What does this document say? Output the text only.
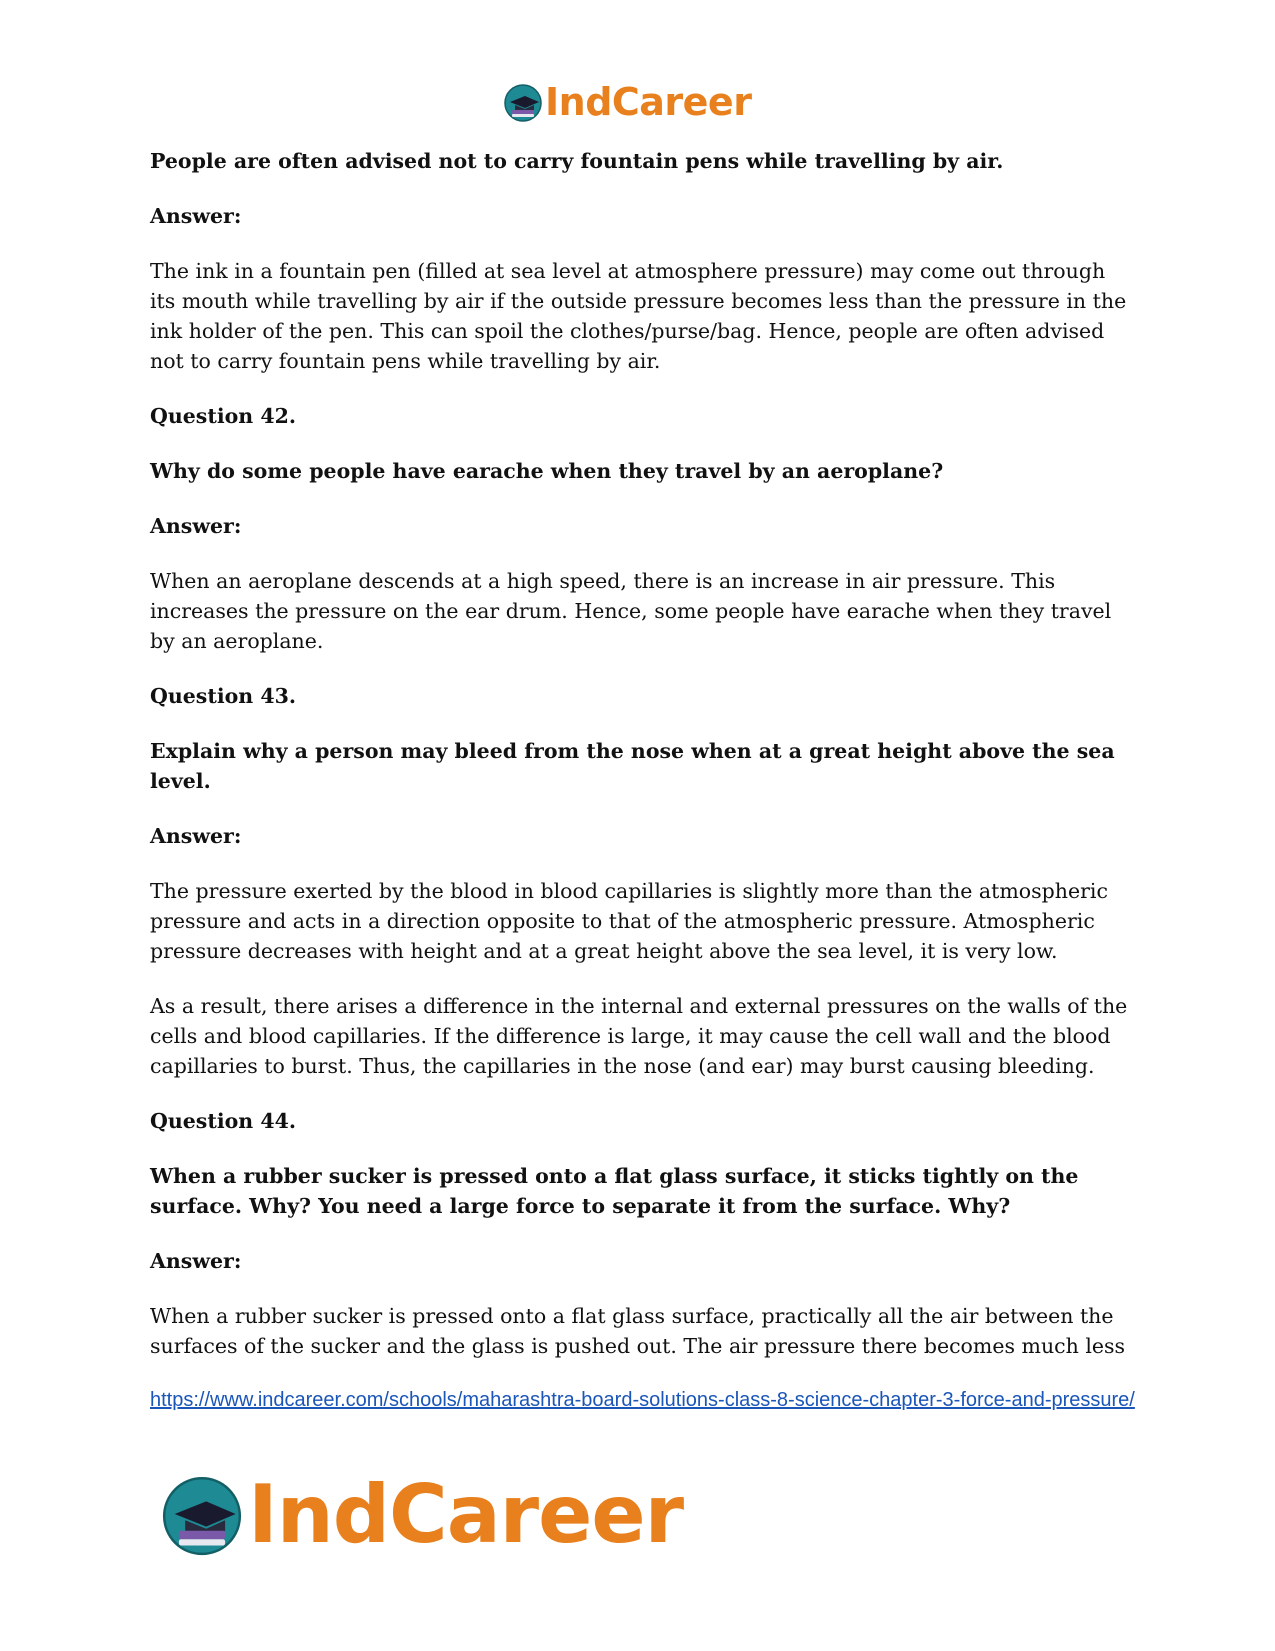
IndCareer

People are often advised not to carry fountain pens while travelling by air.

Answer:

The ink in a fountain pen (filled at sea level at atmosphere pressure) may come out through its mouth while travelling by air if the outside pressure becomes less than the pressure in the ink holder of the pen. This can spoil the clothes/purse/bag. Hence, people are often advised not to carry fountain pens while travelling by air.

Question 42.

Why do some people have earache when they travel by an aeroplane?

Answer:

When an aeroplane descends at a high speed, there is an increase in air pressure. This increases the pressure on the ear drum. Hence, some people have earache when they travel by an aeroplane.

Question 43.

Explain why a person may bleed from the nose when at a great height above the sea level.

Answer:

The pressure exerted by the blood in blood capillaries is slightly more than the atmospheric pressure and acts in a direction opposite to that of the atmospheric pressure. Atmospheric pressure decreases with height and at a great height above the sea level, it is very low.

As a result, there arises a difference in the internal and external pressures on the walls of the cells and blood capillaries. If the difference is large, it may cause the cell wall and the blood capillaries to burst. Thus, the capillaries in the nose (and ear) may burst causing bleeding.

Question 44.

When a rubber sucker is pressed onto a flat glass surface, it sticks tightly on the surface. Why? You need a large force to separate it from the surface. Why?

Answer:

When a rubber sucker is pressed onto a flat glass surface, practically all the air between the surfaces of the sucker and the glass is pushed out. The air pressure there becomes much less

https://www.indcareer.com/schools/maharashtra-board-solutions-class-8-science-chapter-3-force-and-pressure/
IndCareer
